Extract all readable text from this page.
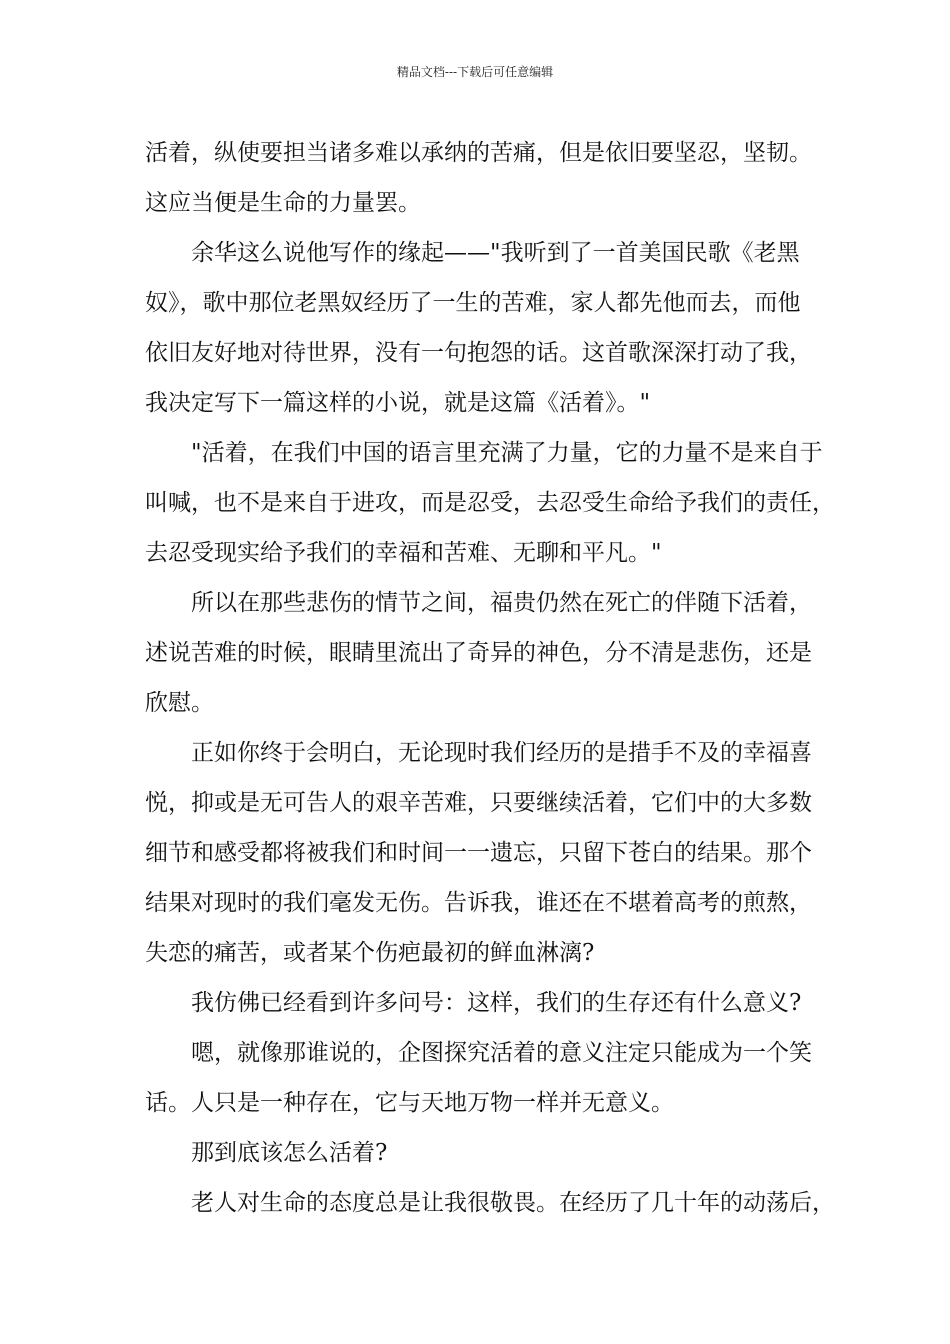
精品文档---下载后可任意编辑

活着，纵使要担当诸多难以承纳的苦痛，但是依旧要坚忍，坚韧。
这应当便是生命的力量罢。

余华这么说他写作的缘起——"我听到了一首美国民歌《老黑
奴》，歌中那位老黑奴经历了一生的苦难，家人都先他而去，而他
依旧友好地对待世界，没有一句抱怨的话。这首歌深深打动了我，
我决定写下一篇这样的小说，就是这篇《活着》。"

"活着，在我们中国的语言里充满了力量，它的力量不是来自于
叫喊，也不是来自于进攻，而是忍受，去忍受生命给予我们的责任，
去忍受现实给予我们的幸福和苦难、无聊和平凡。"

所以在那些悲伤的情节之间，福贵仍然在死亡的伴随下活着，
述说苦难的时候，眼睛里流出了奇异的神色，分不清是悲伤，还是
欣慰。

正如你终于会明白，无论现时我们经历的是措手不及的幸福喜
悦，抑或是无可告人的艰辛苦难，只要继续活着，它们中的大多数
细节和感受都将被我们和时间一一遗忘，只留下苍白的结果。那个
结果对现时的我们毫发无伤。告诉我，谁还在不堪着高考的煎熬，
失恋的痛苦，或者某个伤疤最初的鲜血淋漓?

我仿佛已经看到许多问号：这样，我们的生存还有什么意义?

嗯，就像那谁说的，企图探究活着的意义注定只能成为一个笑
话。人只是一种存在，它与天地万物一样并无意义。

那到底该怎么活着?

老人对生命的态度总是让我很敬畏。在经历了几十年的动荡后，
